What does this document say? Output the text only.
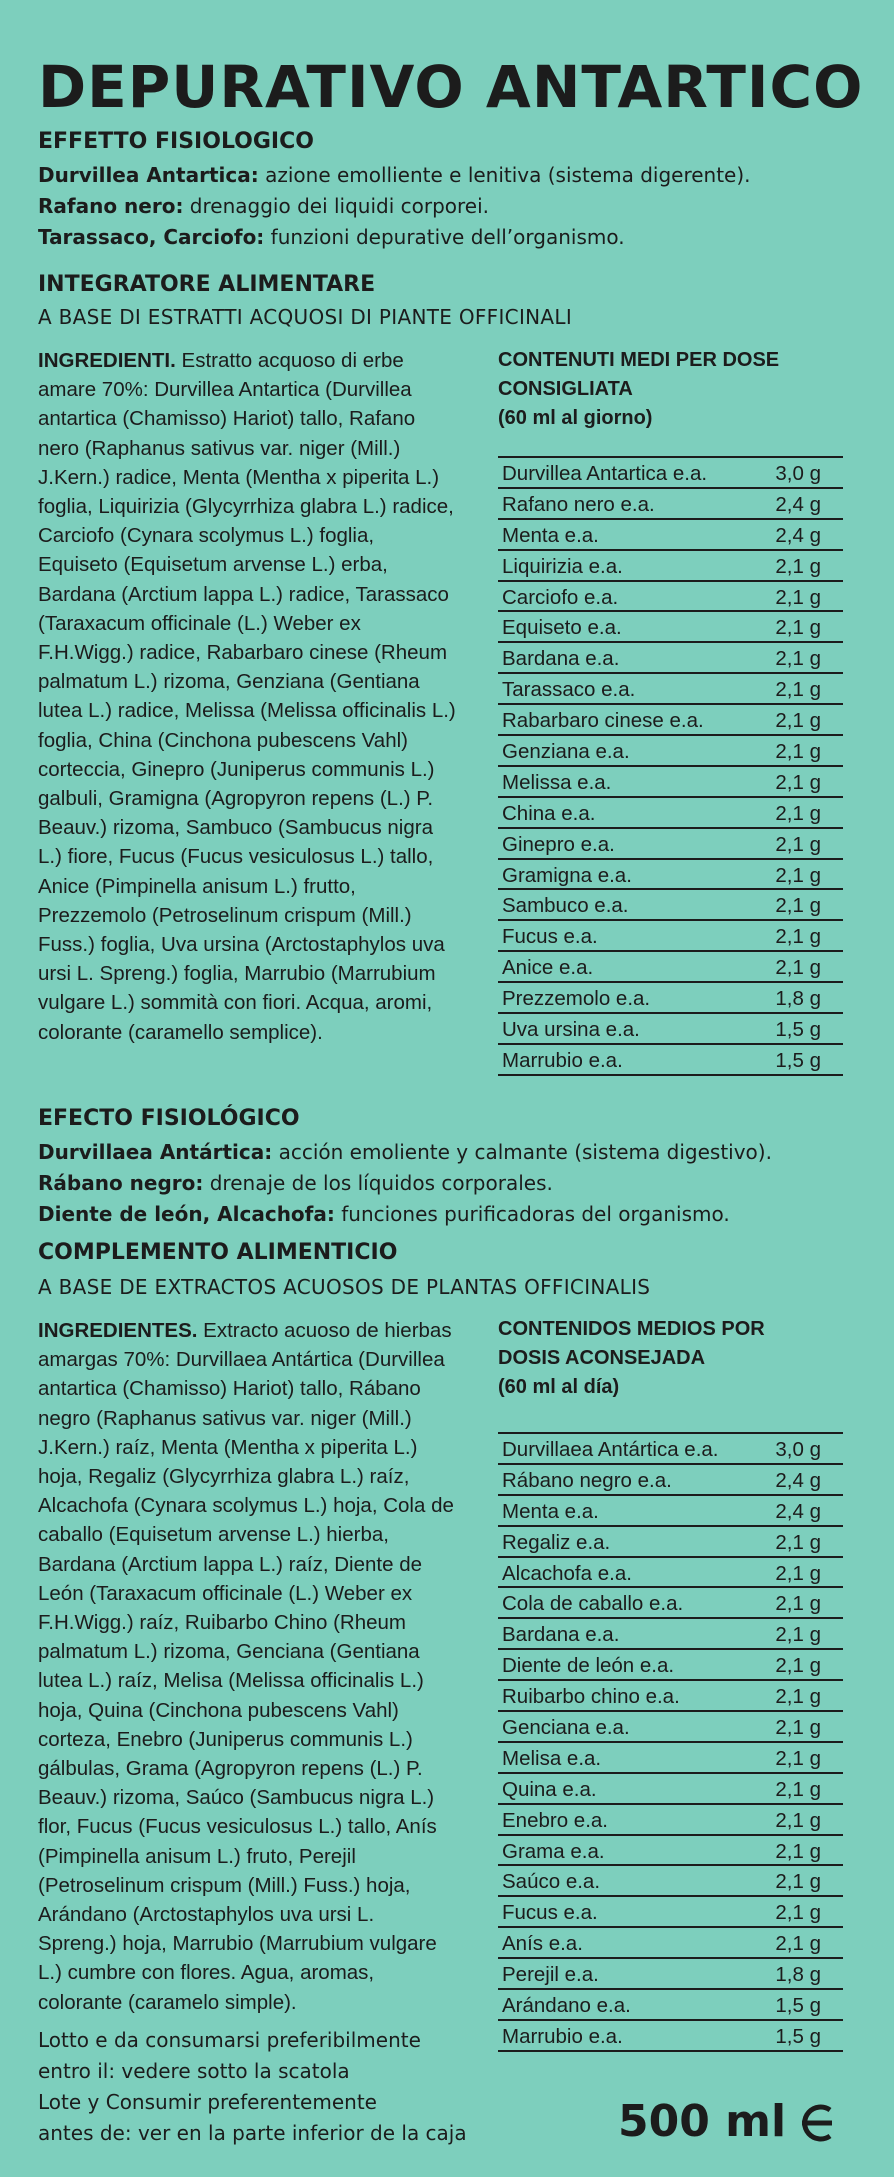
DEPURATIVO ANTARTICO
EFFETTO FISIOLOGICO
Durvillea Antartica: azione emolliente e lenitiva (sistema digerente).
Rafano nero: drenaggio dei liquidi corporei.
Tarassaco, Carciofo: funzioni depurative dell’organismo.
INTEGRATORE ALIMENTARE
A BASE DI ESTRATTI ACQUOSI DI PIANTE OFFICINALI
INGREDIENTI. Estratto acquoso di erbe amare 70%: Durvillea Antartica (Durvillea antartica (Chamisso) Hariot) tallo, Rafano nero (Raphanus sativus var. niger (Mill.) J.Kern.) radice, Menta (Mentha x piperita L.) foglia, Liquirizia (Glycyrrhiza glabra L.) radice, Carciofo (Cynara scolymus L.) foglia, Equiseto (Equisetum arvense L.) erba, Bardana (Arctium lappa L.) radice, Tarassaco (Taraxacum officinale (L.) Weber ex F.H.Wigg.) radice, Rabarbaro cinese (Rheum palmatum L.) rizoma, Genziana (Gentiana lutea L.) radice, Melissa (Melissa officinalis L.) foglia, China (Cinchona pubescens Vahl) corteccia, Ginepro (Juniperus communis L.) galbuli, Gramigna (Agropyron repens (L.) P. Beauv.) rizoma, Sambuco (Sambucus nigra L.) fiore, Fucus (Fucus vesiculosus L.) tallo, Anice (Pimpinella anisum L.) frutto, Prezzemolo (Petroselinum crispum (Mill.) Fuss.) foglia, Uva ursina (Arctostaphylos uva ursi L. Spreng.) foglia, Marrubio (Marrubium vulgare L.) sommità con fiori. Acqua, aromi, colorante (caramello semplice).
CONTENUTI MEDI PER DOSE
CONSIGLIATA
(60 ml al giorno)
Durvillea Antartica e.a.	3,0 g
Rafano nero e.a.	2,4 g
Menta e.a.	2,4 g
Liquirizia e.a.	2,1 g
Carciofo e.a.	2,1 g
Equiseto e.a.	2,1 g
Bardana e.a.	2,1 g
Tarassaco e.a.	2,1 g
Rabarbaro cinese e.a.	2,1 g
Genziana e.a.	2,1 g
Melissa e.a.	2,1 g
China e.a.	2,1 g
Ginepro e.a.	2,1 g
Gramigna e.a.	2,1 g
Sambuco e.a.	2,1 g
Fucus e.a.	2,1 g
Anice e.a.	2,1 g
Prezzemolo e.a.	1,8 g
Uva ursina e.a.	1,5 g
Marrubio e.a.	1,5 g
EFECTO FISIOLÓGICO
Durvillaea Antártica: acción emoliente y calmante (sistema digestivo).
Rábano negro: drenaje de los líquidos corporales.
Diente de león, Alcachofa: funciones purificadoras del organismo.
COMPLEMENTO ALIMENTICIO
A BASE DE EXTRACTOS ACUOSOS DE PLANTAS OFFICINALIS
INGREDIENTES. Extracto acuoso de hierbas amargas 70%: Durvillaea Antártica (Durvillea antartica (Chamisso) Hariot) tallo, Rábano negro (Raphanus sativus var. niger (Mill.) J.Kern.) raíz, Menta (Mentha x piperita L.) hoja, Regaliz (Glycyrrhiza glabra L.) raíz, Alcachofa (Cynara scolymus L.) hoja, Cola de caballo (Equisetum arvense L.) hierba, Bardana (Arctium lappa L.) raíz, Diente de León (Taraxacum officinale (L.) Weber ex F.H.Wigg.) raíz, Ruibarbo Chino (Rheum palmatum L.) rizoma, Genciana (Gentiana lutea L.) raíz, Melisa (Melissa officinalis L.) hoja, Quina (Cinchona pubescens Vahl) corteza, Enebro (Juniperus communis L.) gálbulas, Grama (Agropyron repens (L.) P. Beauv.) rizoma, Saúco (Sambucus nigra L.) flor, Fucus (Fucus vesiculosus L.) tallo, Anís (Pimpinella anisum L.) fruto, Perejil (Petroselinum crispum (Mill.) Fuss.) hoja, Arándano (Arctostaphylos uva ursi L. Spreng.) hoja, Marrubio (Marrubium vulgare L.) cumbre con flores. Agua, aromas, colorante (caramelo simple).
CONTENIDOS MEDIOS POR
DOSIS ACONSEJADA
(60 ml al día)
Durvillaea Antártica e.a.	3,0 g
Rábano negro e.a.	2,4 g
Menta e.a.	2,4 g
Regaliz e.a.	2,1 g
Alcachofa e.a.	2,1 g
Cola de caballo e.a.	2,1 g
Bardana e.a.	2,1 g
Diente de león e.a.	2,1 g
Ruibarbo chino e.a.	2,1 g
Genciana e.a.	2,1 g
Melisa e.a.	2,1 g
Quina e.a.	2,1 g
Enebro e.a.	2,1 g
Grama e.a.	2,1 g
Saúco e.a.	2,1 g
Fucus e.a.	2,1 g
Anís e.a.	2,1 g
Perejil e.a.	1,8 g
Arándano e.a.	1,5 g
Marrubio e.a.	1,5 g
Lotto e da consumarsi preferibilmente
entro il: vedere sotto la scatola
Lote y Consumir preferentemente
antes de: ver en la parte inferior de la caja	500 ml
